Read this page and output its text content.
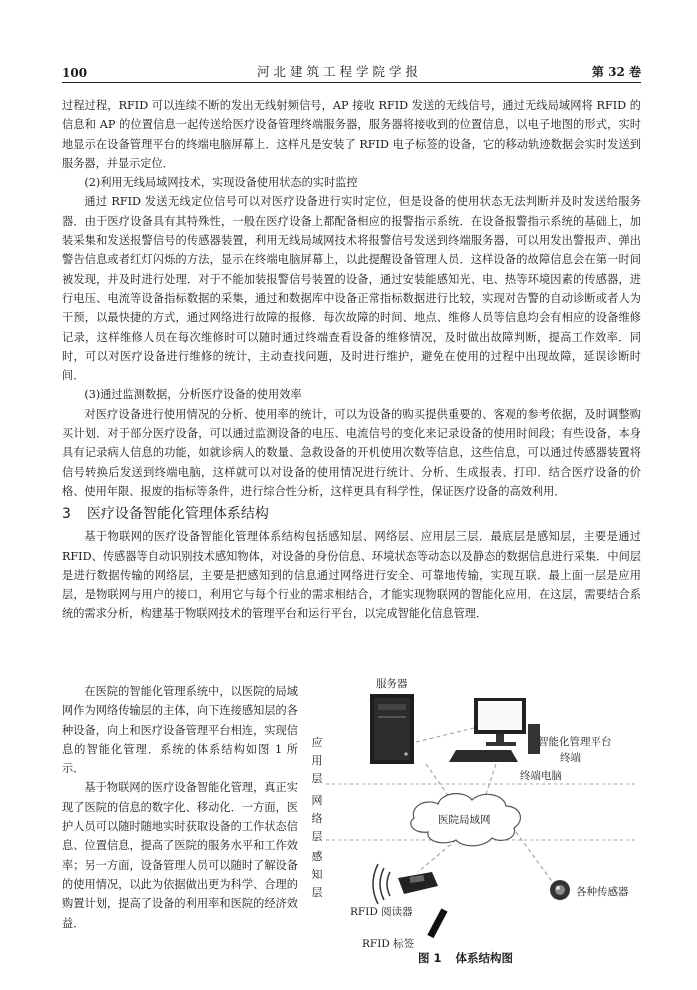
100	河北建筑工程学院学报	第 32 卷

过程过程，RFID 可以连续不断的发出无线射频信号，AP 接收 RFID 发送的无线信号，通过无线局域网将 RFID 的信息和 AP 的位置信息一起传送给医疗设备管理终端服务器，服务器将接收到的位置信息，以电子地图的形式，实时地显示在设备管理平台的终端电脑屏幕上．这样凡是安装了 RFID 电子标签的设备，它的移动轨迹数据会实时发送到服务器，并显示定位．

(2)利用无线局域网技术，实现设备使用状态的实时监控

通过 RFID 发送无线定位信号可以对医疗设备进行实时定位，但是设备的使用状态无法判断并及时发送给服务器．由于医疗设备具有其特殊性，一般在医疗设备上都配备相应的报警指示系统．在设备报警指示系统的基础上，加装采集和发送报警信号的传感器装置，利用无线局域网技术将报警信号发送到终端服务器，可以用发出警报声、弹出警告信息或者红灯闪烁的方法，显示在终端电脑屏幕上，以此提醒设备管理人员．这样设备的故障信息会在第一时间被发现，并及时进行处理．对于不能加装报警信号装置的设备，通过安装能感知光、电、热等环境因素的传感器，进行电压、电流等设备指标数据的采集，通过和数据库中设备正常指标数据进行比较，实现对告警的自动诊断或者人为干预，以最快捷的方式，通过网络进行故障的报修．每次故障的时间、地点、维修人员等信息均会有相应的设备维修记录，这样维修人员在每次维修时可以随时通过终端查看设备的维修情况，及时做出故障判断，提高工作效率．同时，可以对医疗设备进行维修的统计，主动查找问题，及时进行维护，避免在使用的过程中出现故障，延误诊断时间．

(3)通过监测数据，分析医疗设备的使用效率

对医疗设备进行使用情况的分析、使用率的统计，可以为设备的购买提供重要的、客观的参考依据，及时调整购买计划．对于部分医疗设备，可以通过监测设备的电压、电流信号的变化来记录设备的使用时间段；有些设备，本身具有记录病人信息的功能，如就诊病人的数量、急救设备的开机使用次数等信息，这些信息，可以通过传感器装置将信号转换后发送到终端电脑，这样就可以对设备的使用情况进行统计、分析、生成报表、打印．结合医疗设备的价格、使用年限、报废的指标等条件，进行综合性分析，这样更具有科学性，保证医疗设备的高效利用．

3 医疗设备智能化管理体系结构

基于物联网的医疗设备智能化管理体系结构包括感知层、网络层、应用层三层．最底层是感知层，主要是通过 RFID、传感器等自动识别技术感知物体，对设备的身份信息、环境状态等动态以及静态的数据信息进行采集．中间层是进行数据传输的网络层，主要是把感知到的信息通过网络进行安全、可靠地传输，实现互联．最上面一层是应用层，是物联网与用户的接口，利用它与每个行业的需求相结合，才能实现物联网的智能化应用．在这层，需要结合系统的需求分析，构建基于物联网技术的管理平台和运行平台，以完成智能化信息管理．

在医院的智能化管理系统中，以医院的局域网作为网络传输层的主体，向下连接感知层的各种设备，向上和医疗设备管理平台相连，实现信息的智能化管理．系统的体系结构如图 1 所示．

基于物联网的医疗设备智能化管理，真正实现了医院的信息的数字化、移动化．一方面，医护人员可以随时随地实时获取设备的工作状态信息、位置信息，提高了医院的服务水平和工作效率；另一方面，设备管理人员可以随时了解设备的使用情况，以此为依据做出更为科学、合理的购置计划，提高了设备的利用率和医院的经济效益．

应
用
层
网
络
层
感
知
层
服务器
智能化管理平台
终端
终端电脑
医院局域网
RFID 阅读器
RFID 标签
各种传感器
图 1 体系结构图
